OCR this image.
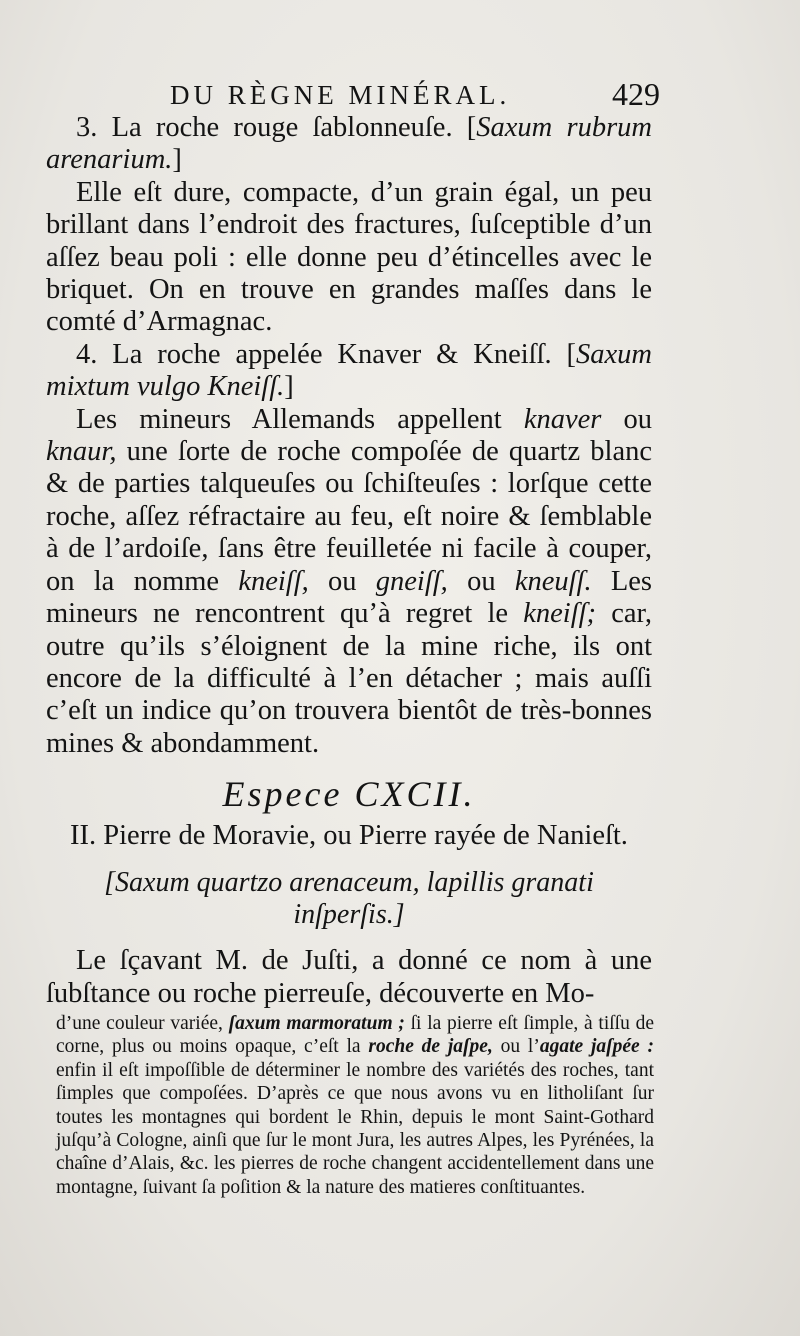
DU RÈGNE MINÉRAL.	429

3. La roche rouge ſablonneuſe. [Saxum rubrum arenarium.]

Elle eſt dure, compacte, d’un grain égal, un peu brillant dans l’endroit des fractures, ſuſceptible d’un aſſez beau poli : elle donne peu d’étincelles avec le briquet. On en trouve en grandes maſſes dans le comté d’Armagnac.

4. La roche appelée Knaver & Kneiſſ. [Saxum mixtum vulgo Kneiſſ.]

Les mineurs Allemands appellent knaver ou knaur, une ſorte de roche compoſée de quartz blanc & de parties talqueuſes ou ſchiſteuſes : lorſque cette roche, aſſez réfractaire au feu, eſt noire & ſemblable à de l’ardoiſe, ſans être feuilletée ni facile à couper, on la nomme kneiſſ, ou gneiſſ, ou kneuſſ. Les mineurs ne rencontrent qu’à regret le kneiſſ; car, outre qu’ils s’éloignent de la mine riche, ils ont encore de la difficulté à l’en détacher ; mais auſſi c’eſt un indice qu’on trouvera bientôt de très-bonnes mines & abondamment.

Espece CXCII.

II. Pierre de Moravie, ou Pierre rayée de Nanieſt.

[Saxum quartzo arenaceum, lapillis granati inſperſis.]

Le ſçavant M. de Juſti, a donné ce nom à une ſubſtance ou roche pierreuſe, découverte en Mo-

d’une couleur variée, ſaxum marmoratum ; ſi la pierre eſt ſimple, à tiſſu de corne, plus ou moins opaque, c’eſt la roche de jaſpe, ou l’agate jaſpée : enfin il eſt impoſſible de déterminer le nombre des variétés des roches, tant ſimples que compoſées. D’après ce que nous avons vu en litholiſant ſur toutes les montagnes qui bordent le Rhin, depuis le mont Saint-Gothard juſqu’à Cologne, ainſi que ſur le mont Jura, les autres Alpes, les Pyrénées, la chaîne d’Alais, &c. les pierres de roche changent accidentellement dans une montagne, ſuivant ſa poſition & la nature des matieres conſtituantes.
